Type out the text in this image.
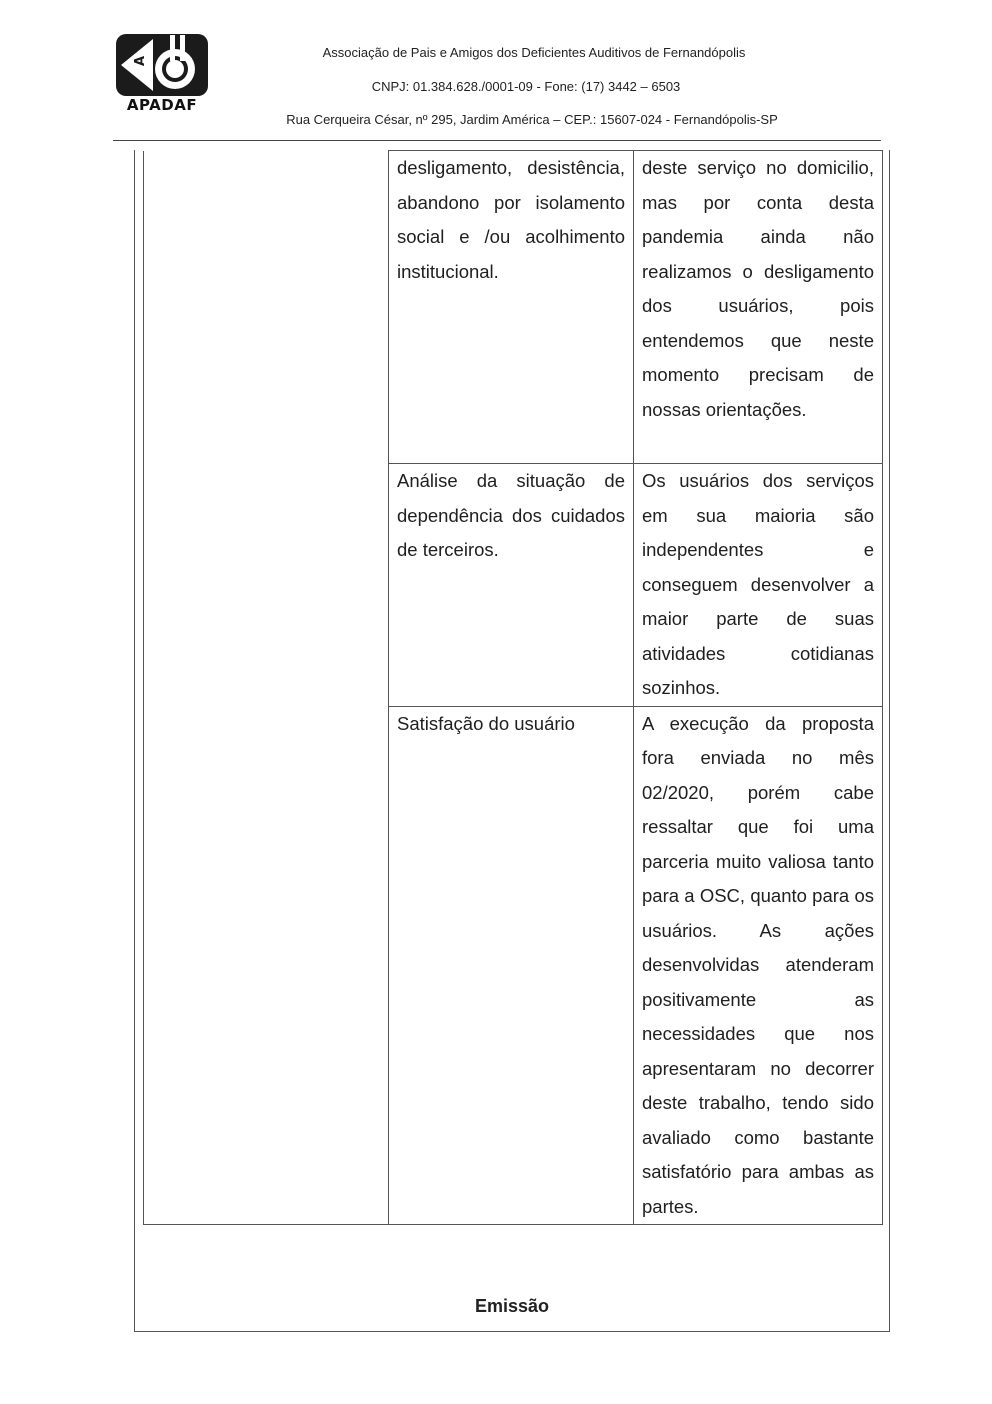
A
APADAF
Associação de Pais e Amigos dos Deficientes Auditivos de Fernandópolis
CNPJ: 01.384.628./0001-09 - Fone: (17) 3442 – 6503
Rua Cerqueira César, nº 295, Jardim América – CEP.: 15607-024 - Fernandópolis-SP

	desligamento, desistência, abandono por isolamento social e /ou acolhimento institucional.	deste serviço no domicilio, mas por conta desta pandemia ainda não realizamos o desligamento dos usuários, pois entendemos que neste momento precisam de nossas orientações.

	Análise da situação de dependência dos cuidados de terceiros.	Os usuários dos serviços em sua maioria são independentes e conseguem desenvolver a maior parte de suas atividades cotidianas sozinhos.

	Satisfação do usuário	A execução da proposta fora enviada no mês 02/2020, porém cabe ressaltar que foi uma parceria muito valiosa tanto para a OSC, quanto para os usuários. As ações desenvolvidas atenderam positivamente as necessidades que nos apresentaram no decorrer deste trabalho, tendo sido avaliado como bastante satisfatório para ambas as partes.
Emissão
